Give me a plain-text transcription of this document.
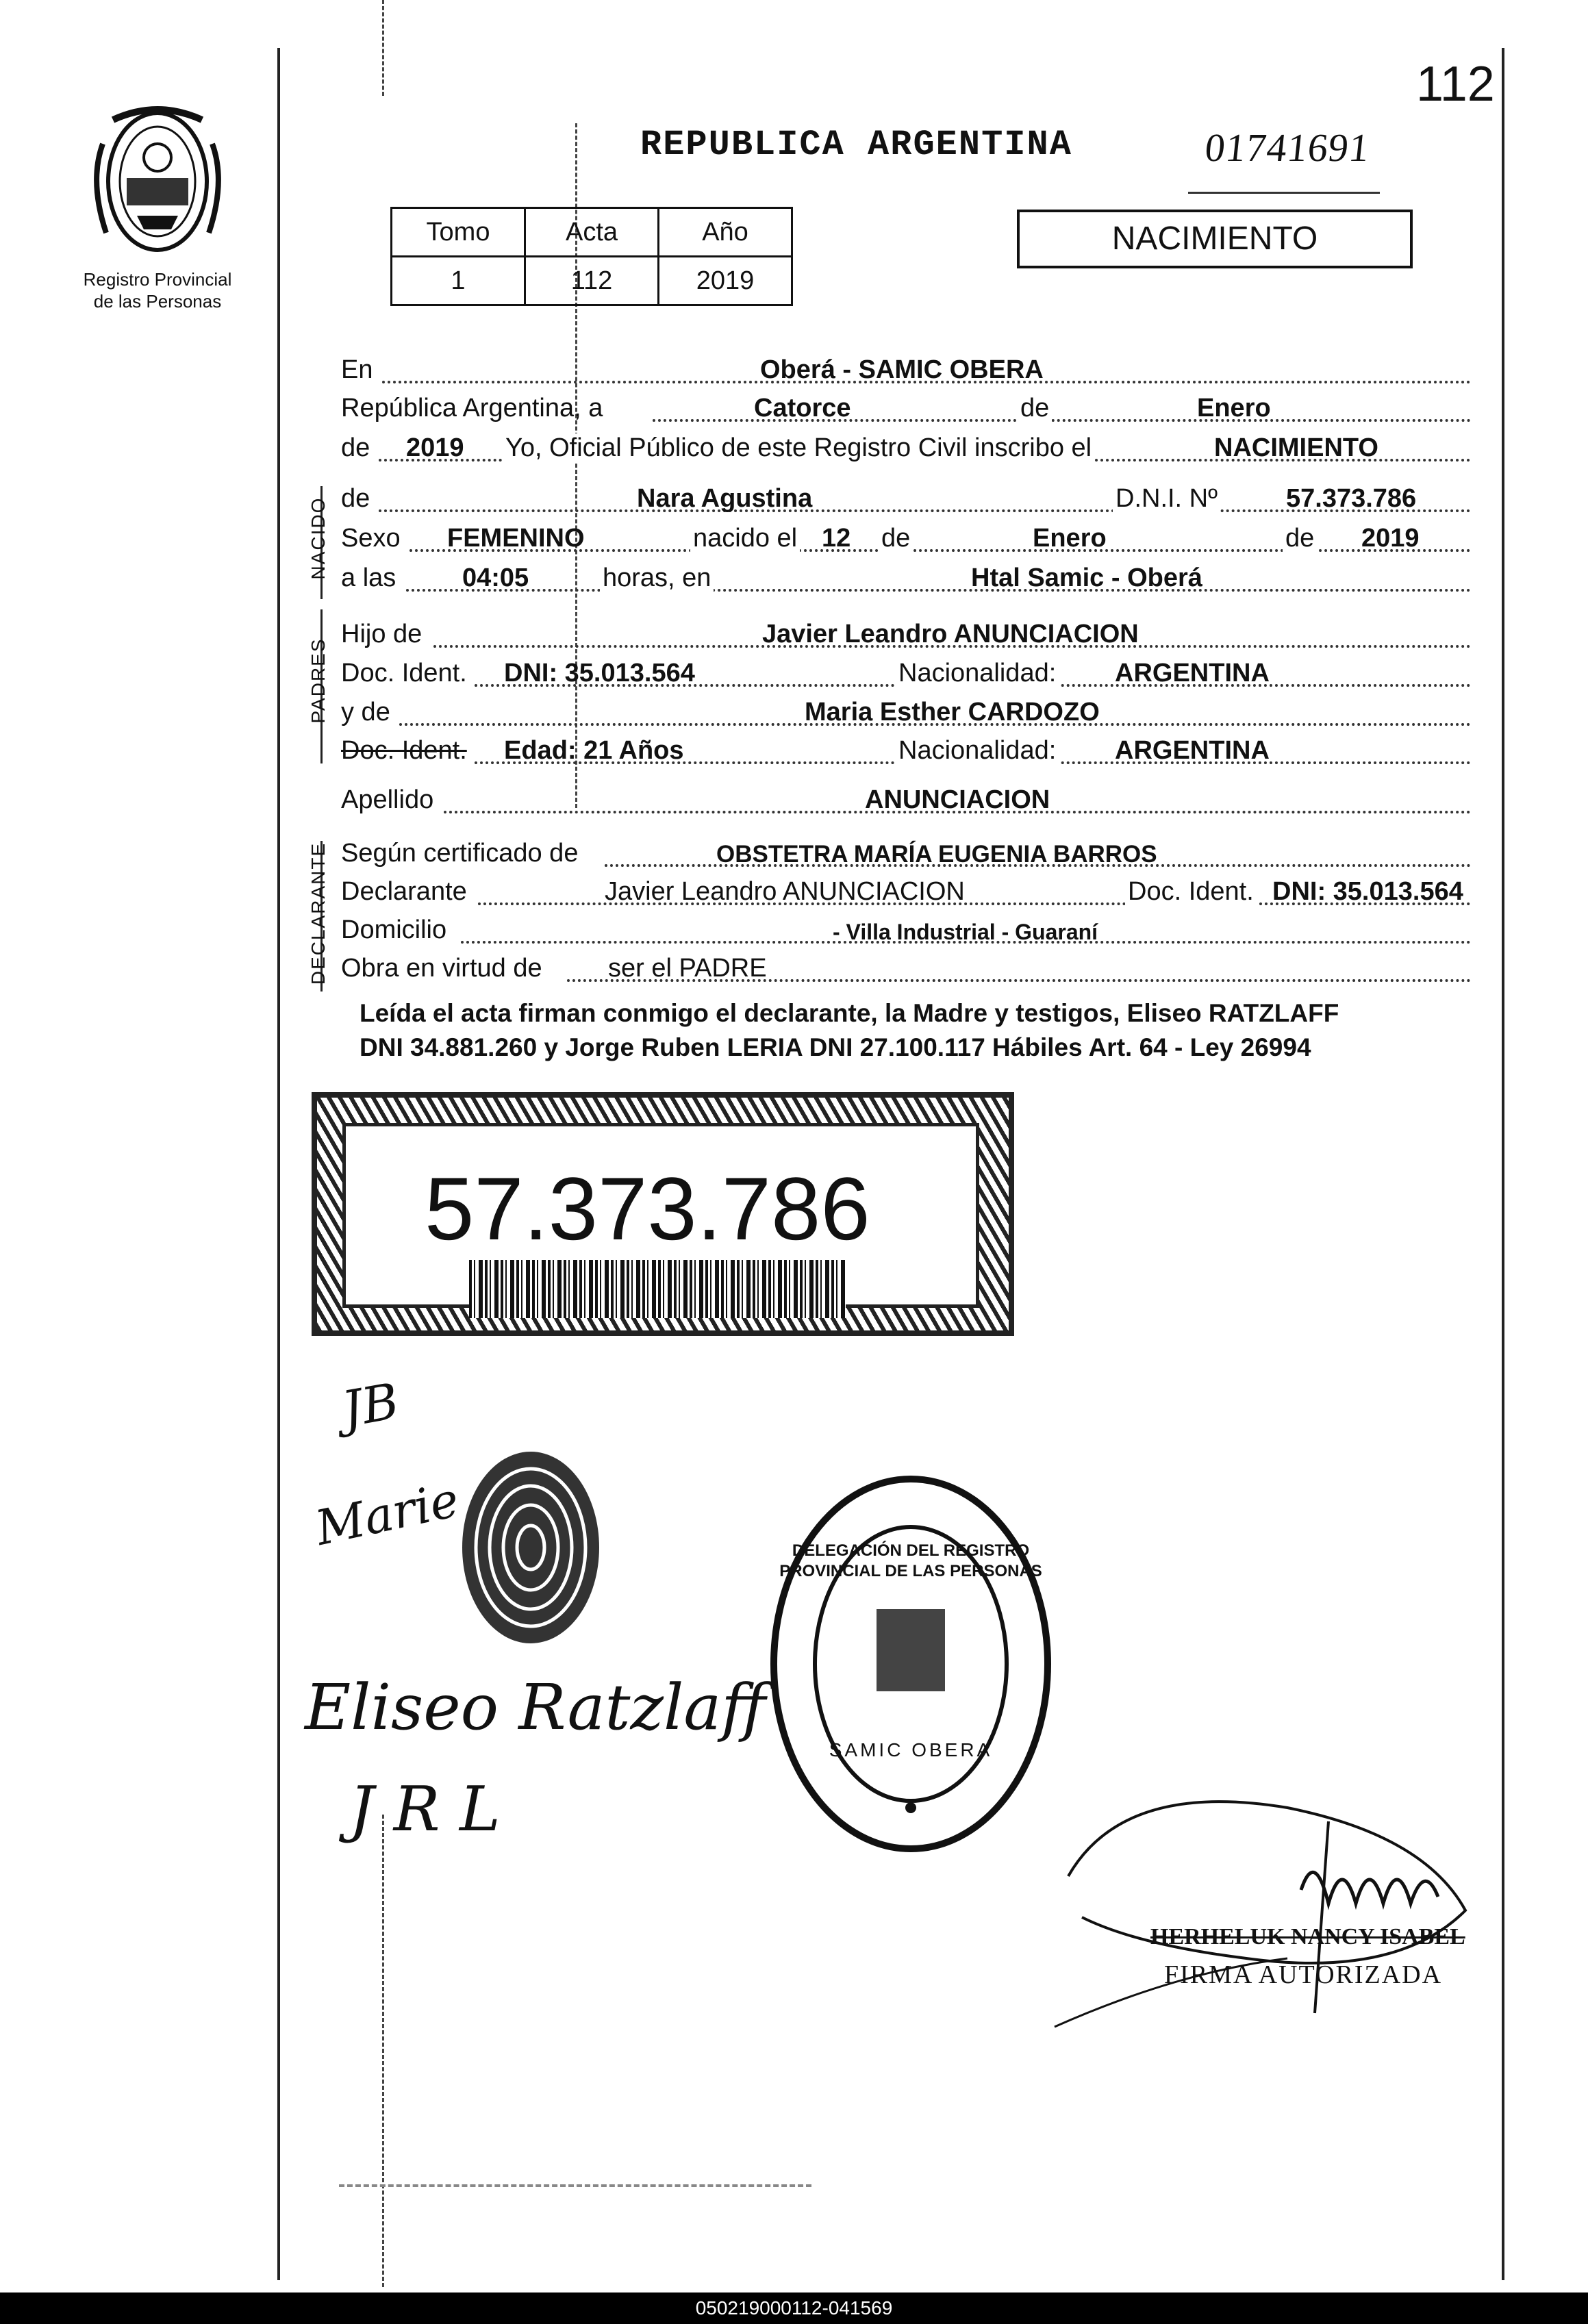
112
Registro Provincial
de las Personas
REPUBLICA ARGENTINA	01741691
Tomo	Acta	Año
1	112	2019
NACIMIENTO
En	Oberá - SAMIC OBERA
República Argentina, a	Catorce	de	Enero
de 2019 Yo, Oficial Público de este Registro Civil inscribo el	NACIMIENTO
NACIDO de	Nara Agustina	D.N.I. Nº	57.373.786
Sexo FEMENINO	nacido el 12 de	Enero	de 2019
a las	04:05	horas, en	Htal Samic - Oberá
PADRES
Hijo de	Javier Leandro ANUNCIACION
Doc. Ident. DNI: 35.013.564	Nacionalidad: ARGENTINA
y de	Maria Esther CARDOZO
Doc. Ident. Edad: 21 Años	Nacionalidad: ARGENTINA
Apellido	ANUNCIACION
DECLARANTE Según certificado de	OBSTETRA MARÍA EUGENIA BARROS
Declarante	Javier Leandro ANUNCIACION	Doc. Ident. DNI: 35.013.564
Domicilio	- Villa Industrial - Guaraní
Obra en virtud de	ser el PADRE
Leída el acta firman conmigo el declarante, la Madre y testigos, Eliseo RATZLAFF
DNI 34.881.260 y Jorge Ruben LERIA DNI 27.100.117 Hábiles Art. 64 - Ley 26994
57.373.786
JB
Marie
Eliseo Ratzlaff
J R L
DELEGACIÓN DEL REGISTRO PROVINCIAL DE LAS PERSONAS
SAMIC OBERA
HERHELUK NANCY ISABEL
FIRMA AUTORIZADA
050219000112-041569
